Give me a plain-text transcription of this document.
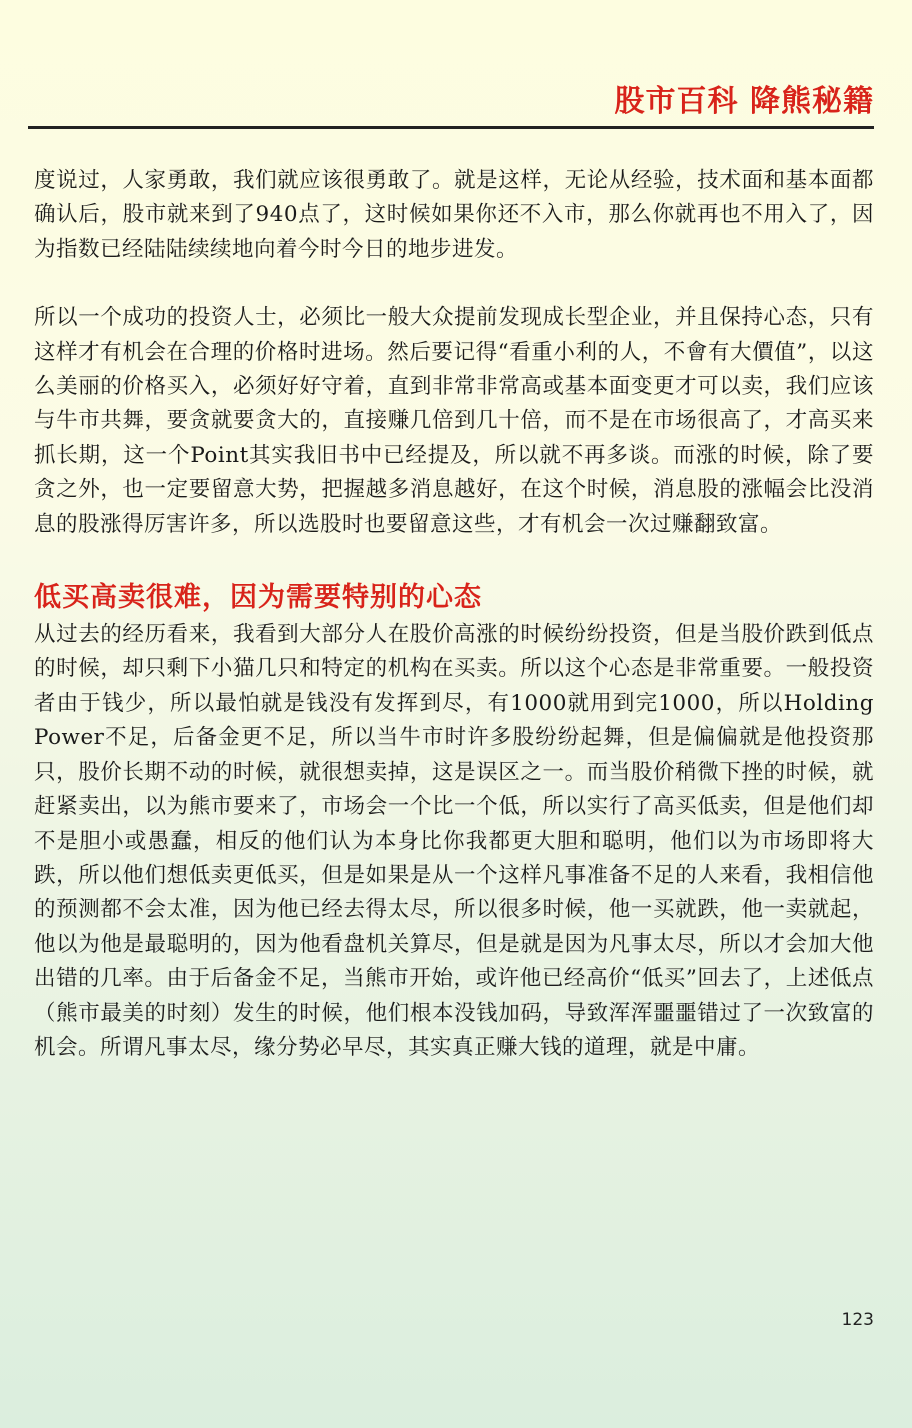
股市百科 降熊秘籍

度说过，人家勇敢，我们就应该很勇敢了。就是这样，无论从经验，技术面和基本面都确认后，股市就来到了940点了，这时候如果你还不入市，那么你就再也不用入了，因为指数已经陆陆续续地向着今时今日的地步进发。

所以一个成功的投资人士，必须比一般大众提前发现成长型企业，并且保持心态，只有这样才有机会在合理的价格时进场。然后要记得“看重小利的人，不會有大價值”，以这么美丽的价格买入，必须好好守着，直到非常非常高或基本面变更才可以卖，我们应该与牛市共舞，要贪就要贪大的，直接赚几倍到几十倍，而不是在市场很高了，才高买来抓长期，这一个Point其实我旧书中已经提及，所以就不再多谈。而涨的时候，除了要贪之外，也一定要留意大势，把握越多消息越好，在这个时候，消息股的涨幅会比没消息的股涨得厉害许多，所以选股时也要留意这些，才有机会一次过赚翻致富。

低买高卖很难，因为需要特别的心态

从过去的经历看来，我看到大部分人在股价高涨的时候纷纷投资，但是当股价跌到低点的时候，却只剩下小猫几只和特定的机构在买卖。所以这个心态是非常重要。一般投资者由于钱少，所以最怕就是钱没有发挥到尽，有1000就用到完1000，所以Holding Power不足，后备金更不足，所以当牛市时许多股纷纷起舞，但是偏偏就是他投资那只，股价长期不动的时候，就很想卖掉，这是误区之一。而当股价稍微下挫的时候，就赶紧卖出，以为熊市要来了，市场会一个比一个低，所以实行了高买低卖，但是他们却不是胆小或愚蠢，相反的他们认为本身比你我都更大胆和聪明，他们以为市场即将大跌，所以他们想低卖更低买，但是如果是从一个这样凡事准备不足的人来看，我相信他的预测都不会太准，因为他已经去得太尽，所以很多时候，他一买就跌，他一卖就起，他以为他是最聪明的，因为他看盘机关算尽，但是就是因为凡事太尽，所以才会加大他出错的几率。由于后备金不足，当熊市开始，或许他已经高价“低买”回去了，上述低点（熊市最美的时刻）发生的时候，他们根本没钱加码，导致浑浑噩噩错过了一次致富的机会。所谓凡事太尽，缘分势必早尽，其实真正赚大钱的道理，就是中庸。

123
